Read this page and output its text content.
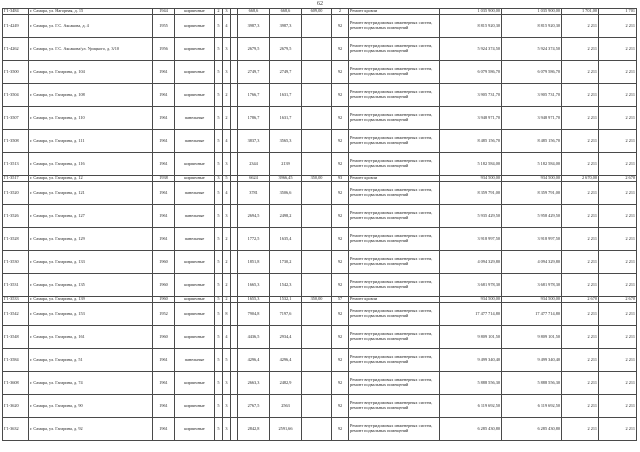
62
Г1-3484	г. Самара, ул. Нагорная, д. 15	1944	кирпичные	2	3		668,6	668,6	609,00	2	Ремонт кровли	1 035 900,00	1 035 900,00	1 701,00	1 701
Г1-4249	г. Самара, ул. Г.С. Аксакова, д. 4	1955	кирпичные	5	4		3987,3	3987,3		92	Ремонт внутридомовых инженерных систем, ремонт подвальных помещений	8 815 920,30	8 815 920,30	2 211	2 211
Г1-4262	г. Самара, ул. Г.С. Аксакова/ул. Урицкого, д. 3/10	1956	кирпичные	5	3		2679,5	2679,5		92	Ремонт внутридомовых инженерных систем, ремонт подвальных помещений	5 924 374,50	5 924 374,50	2 211	2 211
Г1-3500	г. Самара, ул. Гагарина, д. 104	1961	кирпичные	5	3		2749,7	2749,7		92	Ремонт внутридомовых инженерных систем, ремонт подвальных помещений	6 079 586,70	6 079 586,70	2 211	2 211
Г1-3504	г. Самара, ул. Гагарина, д. 108	1961	кирпичные	5	2		1766,7	1631,7		92	Ремонт внутридомовых инженерных систем, ремонт подвальных помещений	3 905 731,70	3 905 731,70	2 211	2 211
Г1-3507	г. Самара, ул. Гагарина, д. 110	1961	панельные	5	2		1786,7	1631,7		92	Ремонт внутридомовых инженерных систем, ремонт подвальных помещений	3 948 971,70	3 948 971,70	2 211	2 211
Г1-3508	г. Самара, ул. Гагарина, д. 111	1961	панельные	5	4		3837,3	3565,3		92	Ремонт внутридомовых инженерных систем, ремонт подвальных помещений	8 485 156,70	8 485 156,70	2 211	2 211
Г1-3513	г. Самара, ул. Гагарина, д. 116	1961	кирпичные	5	3		2344	2139		92	Ремонт внутридомовых инженерных систем, ремонт подвальных помещений	5 182 584,00	5 182 584,00	2 211	2 211
Г1-3517	г. Самара, ул. Гагарина, д. 12	1938	кирпичные	3	5		6624	3966,45	350,00	93	Ремонт кровли	934 500,00	934 500,00	2 670,00	2 670
Г1-3520	г. Самара, ул. Гагарина, д. 121	1961	панельные	5	4		3781	3506,6		92	Ремонт внутридомовых инженерных систем, ремонт подвальных помещений	8 359 791,00	8 359 791,00	2 211	2 211
Г1-3526	г. Самара, ул. Гагарина, д. 127	1961	панельные	5	3		2694,5	2498,2		92	Ремонт внутридомовых инженерных систем, ремонт подвальных помещений	5 935 429,50	5 958 429,50	2 211	2 211
Г1-3528	г. Самара, ул. Гагарина, д. 129	1961	панельные	5	2		1772,5	1635,4		92	Ремонт внутридомовых инженерных систем, ремонт подвальных помещений	3 918 997,50	3 918 997,50	2 211	2 211
Г1-3530	г. Самара, ул. Гагарина, д. 133	1960	кирпичные	5	2		1851,8	1730,2		92	Ремонт внутридомовых инженерных систем, ремонт подвальных помещений	4 094 329,80	4 094 329,80	2 211	2 211
Г1-3531	г. Самара, ул. Гагарина, д. 135	1960	кирпичные	5	2		1665,3	1542,3		92	Ремонт внутридомовых инженерных систем, ремонт подвальных помещений	3 681 978,30	3 681 978,30	2 211	2 211
Г1-3533	г. Самара, ул. Гагарина, д. 139	1960	кирпичные	5	2		1655,3	1532,1	350,00	57	Ремонт кровли	934 500,00	934 500,00	2 670	2 670
Г1-3542	г. Самара, ул. Гагарина, д. 153	1952	кирпичные	5	8		7904,8	7197,6		92	Ремонт внутридомовых инженерных систем, ремонт подвальных помещений	17 477 714,80	17 477 714,80	2 211	2 211
Г1-3548	г. Самара, ул. Гагарина, д. 161	1960	кирпичные	5	4		4436,5	2934,4		92	Ремонт внутридомовых инженерных систем, ремонт подвальных помещений	9 809 101,50	9 809 101,50	2 211	2 211
Г1-3584	г. Самара, ул. Гагарина, д. 51	1961	панельные	5	5		4296,4	4296,4		92	Ремонт внутридомовых инженерных систем, ремонт подвальных помещений	9 499 340,40	9 499 340,40	2 211	2 211
Г1-3608	г. Самара, ул. Гагарина, д. 74	1961	кирпичные	5	3		2663,3	2482,9		92	Ремонт внутридомовых инженерных систем, ремонт подвальных помещений	5 888 556,30	5 888 556,30	2 211	2 211
Г1-3620	г. Самара, ул. Гагарина, д. 90	1961	кирпичные	5	3		2767,5	2563		92	Ремонт внутридомовых инженерных систем, ремонт подвальных помещений	6 119 692,50	6 119 692,50	2 211	2 211
Г1-3632	г. Самара, ул. Гагарина, д. 92	1961	кирпичные	5	3		2842,8	2591,66		92	Ремонт внутридомовых инженерных систем, ремонт подвальных помещений	6 285 430,80	6 285 430,80	2 211	2 211
